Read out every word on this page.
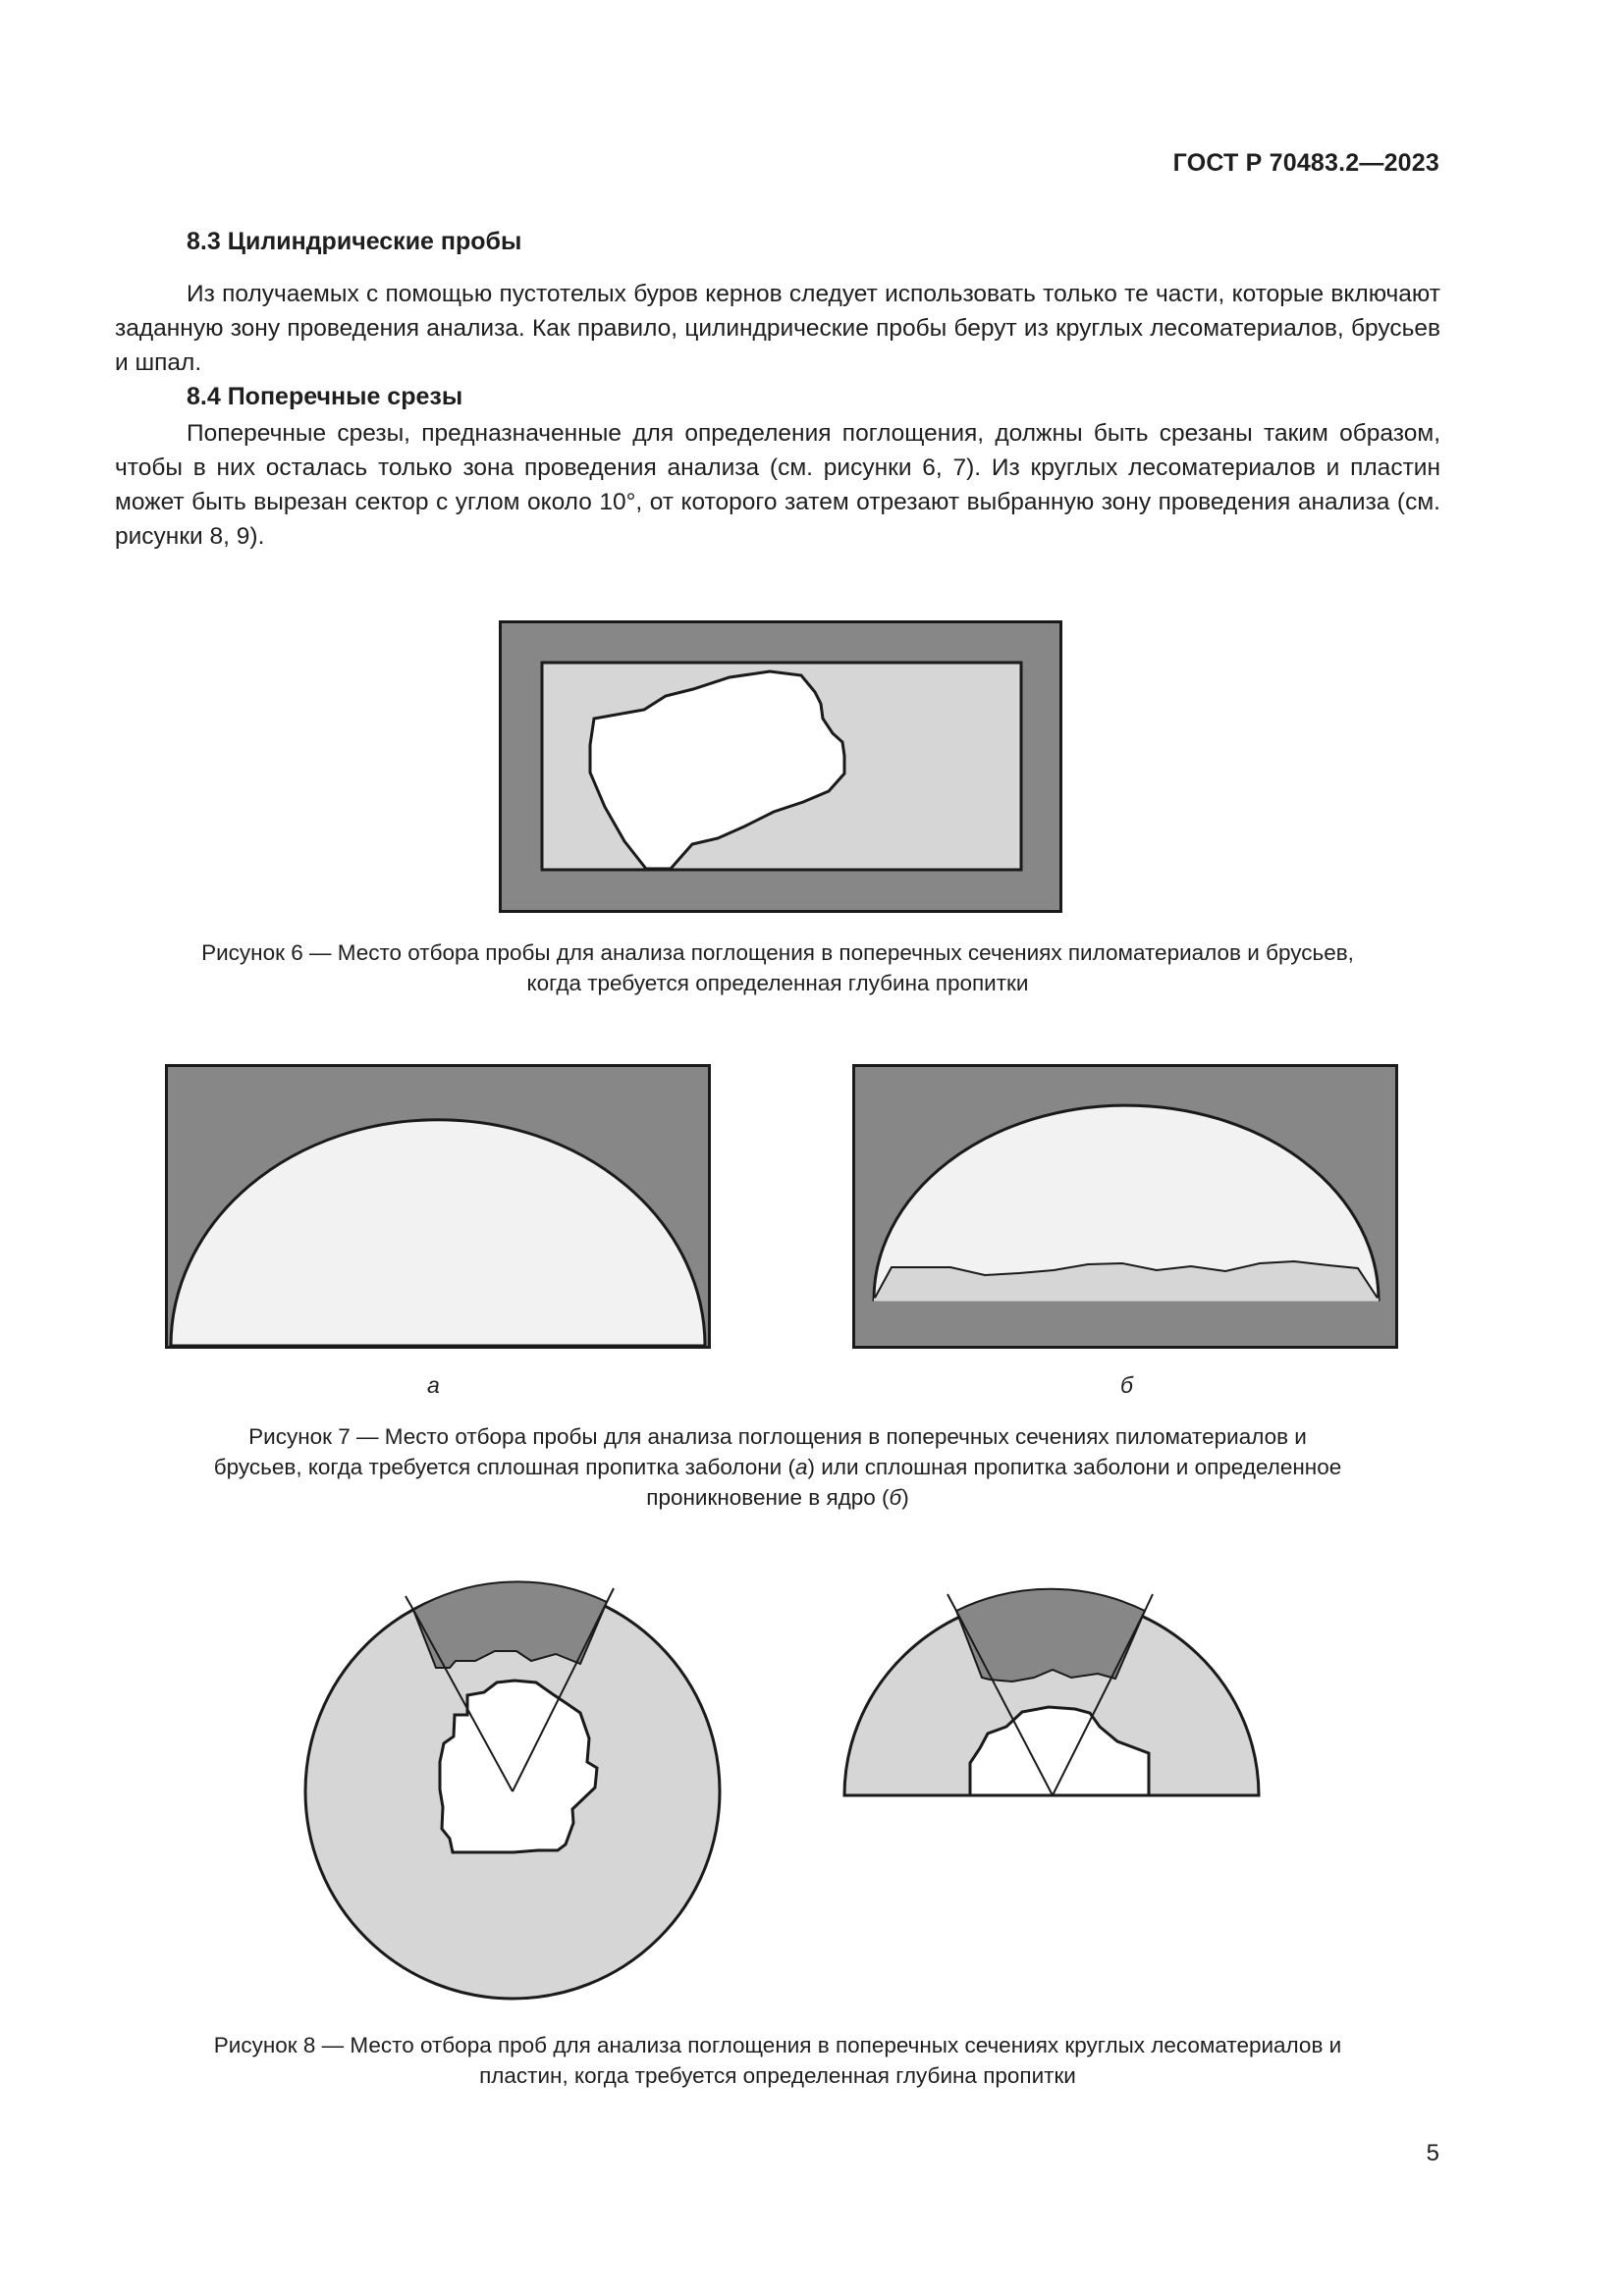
ГОСТ Р 70483.2—2023
8.3 Цилиндрические пробы

Из получаемых с помощью пустотелых буров кернов следует использовать только те части, которые включают заданную зону проведения анализа. Как правило, цилиндрические пробы берут из круглых лесоматериалов, брусьев и шпал.

8.4 Поперечные срезы

Поперечные срезы, предназначенные для определения поглощения, должны быть срезаны таким образом, чтобы в них осталась только зона проведения анализа (см. рисунки 6, 7). Из круглых лесоматериалов и пластин может быть вырезан сектор с углом около 10°, от которого затем отрезают выбранную зону проведения анализа (см. рисунки 8, 9).

Рисунок 6 — Место отбора пробы для анализа поглощения в поперечных сечениях пиломатериалов и брусьев,
когда требуется определенная глубина пропитки
а	б
Рисунок 7 — Место отбора пробы для анализа поглощения в поперечных сечениях пиломатериалов и
брусьев, когда требуется сплошная пропитка заболони (а) или сплошная пропитка заболони и определенное
проникновение в ядро (б)
Рисунок 8 — Место отбора проб для анализа поглощения в поперечных сечениях круглых лесоматериалов и
пластин, когда требуется определенная глубина пропитки
5
